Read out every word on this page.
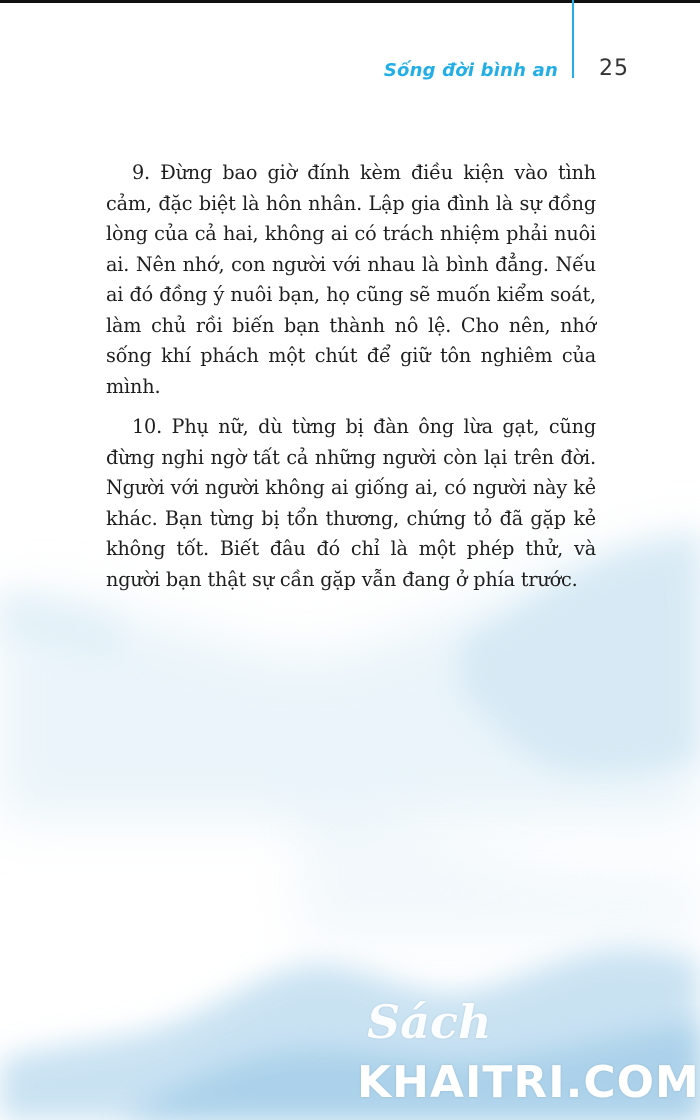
Sống đời bình an 25

9. Đừng bao giờ đính kèm điều kiện vào tình cảm, đặc biệt là hôn nhân. Lập gia đình là sự đồng lòng của cả hai, không ai có trách nhiệm phải nuôi ai. Nên nhớ, con người với nhau là bình đẳng. Nếu ai đó đồng ý nuôi bạn, họ cũng sẽ muốn kiểm soát, làm chủ rồi biến bạn thành nô lệ. Cho nên, nhớ sống khí phách một chút để giữ tôn nghiêm của mình.

10. Phụ nữ, dù từng bị đàn ông lừa gạt, cũng đừng nghi ngờ tất cả những người còn lại trên đời. Người với người không ai giống ai, có người này kẻ khác. Bạn từng bị tổn thương, chứng tỏ đã gặp kẻ không tốt. Biết đâu đó chỉ là một phép thử, và người bạn thật sự cần gặp vẫn đang ở phía trước.

Sách
KHAITRI.COM
